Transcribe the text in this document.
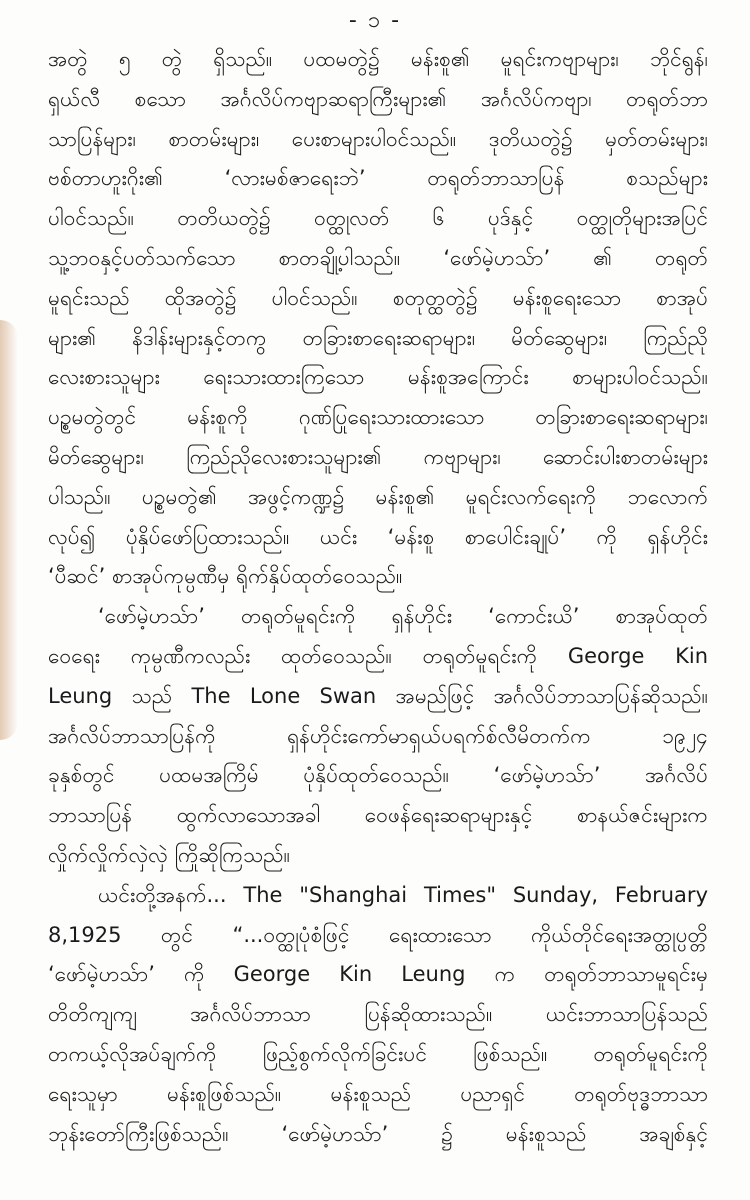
- ၁ -
အတွဲ ၅ တွဲ ရှိသည်။ ပထမတွဲ၌ မန်းစူ၏ မူရင်းကဗျာများ၊ ဘိုင်ရွန်၊
ရှယ်လီ စသော အင်္ဂလိပ်ကဗျာဆရာကြီးများ၏ အင်္ဂလိပ်ကဗျာ၊ တရုတ်ဘာ
သာပြန်များ၊ စာတမ်းများ၊ ပေးစာများပါဝင်သည်။ ဒုတိယတွဲ၌ မှတ်တမ်းများ၊
ဗစ်တာဟူးဂိုး၏ ‘လားမစ်ဇာရေးဘဲ’ တရုတ်ဘာသာပြန် စသည်များ
ပါဝင်သည်။ တတိယတွဲ၌ ဝတ္ထုလတ် ၆ ပုဒ်နှင့် ဝတ္ထုတိုများအပြင်
သူ့ဘဝနှင့်ပတ်သက်သော စာတချို့ပါသည်။ ‘ဖော်မဲ့ဟသ်ာ’ ၏ တရုတ်
မူရင်းသည် ထိုအတွဲ၌ ပါဝင်သည်။ စတုတ္ထတွဲ၌ မန်းစူရေးသော စာအုပ်
များ၏ နိဒါန်းများနှင့်တကွ တခြားစာရေးဆရာများ၊ မိတ်ဆွေများ၊ ကြည်ညို
လေးစားသူများ ရေးသားထားကြသော မန်းစူအကြောင်း စာများပါဝင်သည်။
ပဉ္စမတွဲတွင် မန်းစူကို ဂုဏ်ပြုရေးသားထားသော တခြားစာရေးဆရာများ၊
မိတ်ဆွေများ၊ ကြည်ညိုလေးစားသူများ၏ ကဗျာများ၊ ဆောင်းပါးစာတမ်းများ
ပါသည်။ ပဉ္စမတွဲ၏ အဖွင့်ကဏ္ဍ၌ မန်းစူ၏ မူရင်းလက်ရေးကို ဘလောက်
လုပ်၍ ပုံနှိပ်ဖော်ပြထားသည်။ ယင်း ‘မန်းစူ စာပေါင်းချုပ်’ ကို ရှန်ဟိုင်း
‘ပီဆင်’ စာအုပ်ကုမ္ပဏီမှ ရိုက်နှိပ်ထုတ်ဝေသည်။
‘ဖော်မဲ့ဟသ်ာ’ တရုတ်မူရင်းကို ရှန်ဟိုင်း ‘ကောင်းယိ’ စာအုပ်ထုတ်
ဝေရေး ကုမ္ပဏီကလည်း ထုတ်ဝေသည်။ တရုတ်မူရင်းကို George Kin
Leung သည် The Lone Swan အမည်ဖြင့် အင်္ဂလိပ်ဘာသာပြန်ဆိုသည်။
အင်္ဂလိပ်ဘာသာပြန်ကို ရှန်ဟိုင်းကော်မာရှယ်ပရက်စ်လီမိတက်က ၁၉၂၄
ခုနှစ်တွင် ပထမအကြိမ် ပုံနှိပ်ထုတ်ဝေသည်။ ‘ဖော်မဲ့ဟသ်ာ’ အင်္ဂလိပ်
ဘာသာပြန် ထွက်လာသောအခါ ဝေဖန်ရေးဆရာများနှင့် စာနယ်ဇင်းများက
လှိုက်လှိုက်လှဲလှဲ ကြိုဆိုကြသည်။
ယင်းတို့အနက်... The "Shanghai Times" Sunday, February
8,1925 တွင် “...ဝတ္ထုပုံစံဖြင့် ရေးထားသော ကိုယ်တိုင်ရေးအတ္ထုပ္ပတ္တိ
‘ဖော်မဲ့ဟသ်ာ’ ကို George Kin Leung က တရုတ်ဘာသာမူရင်းမှ
တိတိကျကျ အင်္ဂလိပ်ဘာသာ ပြန်ဆိုထားသည်။ ယင်းဘာသာပြန်သည်
တကယ့်လိုအပ်ချက်ကို ဖြည့်စွက်လိုက်ခြင်းပင် ဖြစ်သည်။ တရုတ်မူရင်းကို
ရေးသူမှာ မန်းစူဖြစ်သည်။ မန်းစူသည် ပညာရှင် တရုတ်ဗုဒ္ဓဘာသာ
ဘုန်းတော်ကြီးဖြစ်သည်။ ‘ဖော်မဲ့ဟသ်ာ’ ၌ မန်းစူသည် အချစ်နှင့်
